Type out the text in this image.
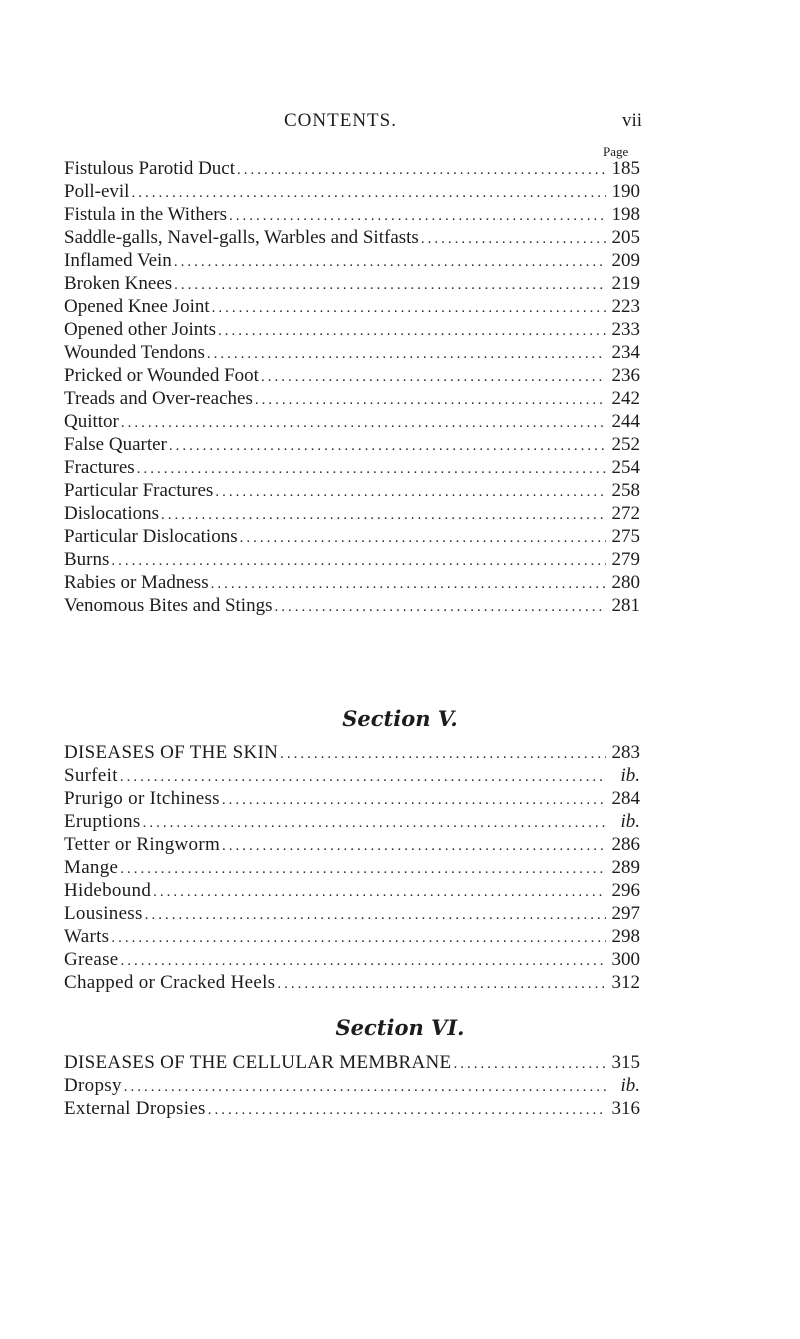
CONTENTS.	vii
Page
Fistulous Parotid Duct .....	185
Poll-evil .....	190
Fistula in the Withers .....	198
Saddle-galls, Navel-galls, Warbles and Sitfasts .....	205
Inflamed Vein .....	209
Broken Knees .....	219
Opened Knee Joint .....	223
Opened other Joints .....	233
Wounded Tendons .....	234
Pricked or Wounded Foot .....	236
Treads and Over-reaches .....	242
Quittor .....	244
False Quarter .....	252
Fractures .....	254
Particular Fractures .....	258
Dislocations .....	272
Particular Dislocations .....	275
Burns .....	279
Rabies or Madness .....	280
Venomous Bites and Stings .....	281
Section V.
DISEASES OF THE SKIN .....	283
Surfeit .....	ib.
Prurigo or Itchiness .....	284
Eruptions .....	ib.
Tetter or Ringworm .....	286
Mange .....	289
Hidebound .....	296
Lousiness .....	297
Warts .....	298
Grease .....	300
Chapped or Cracked Heels .....	312
Section VI.
DISEASES OF THE CELLULAR MEMBRANE .....	315
Dropsy .....	ib.
External Dropsies .....	316
